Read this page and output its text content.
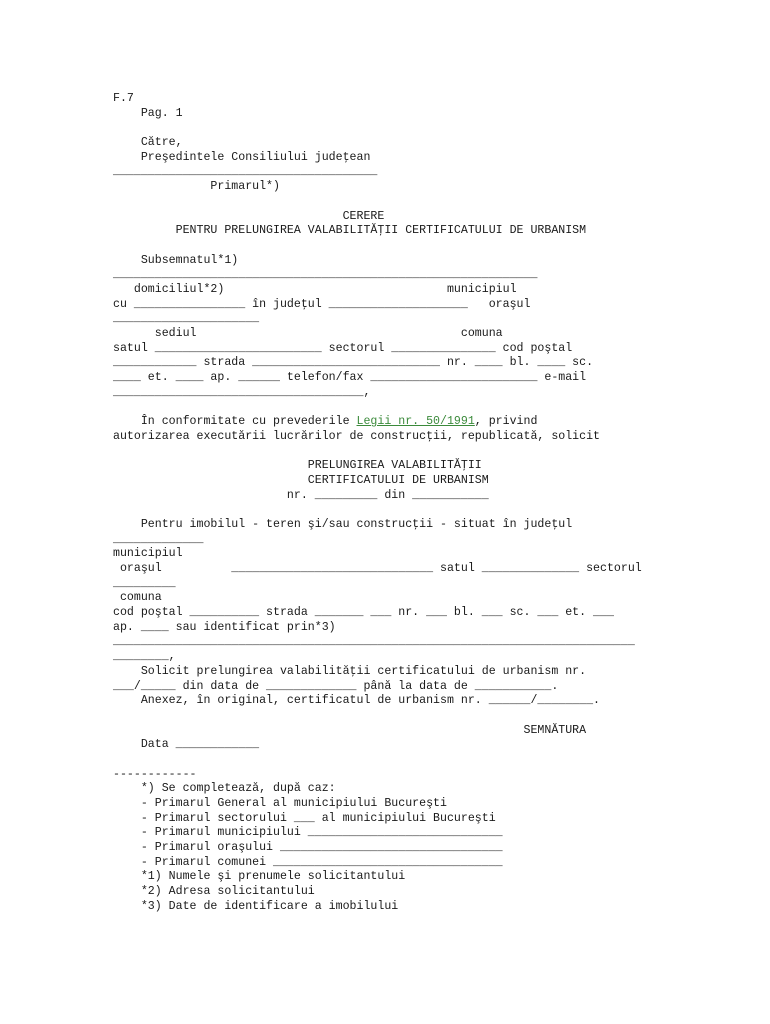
F.7
Pag. 1
Către,
Preşedintele Consiliului judeţean
______________________________________
Primarul*)
CERERE
PENTRU PRELUNGIREA VALABILITĂŢII CERTIFICATULUI DE URBANISM
Subsemnatul*1)
_____________________________________________________________
domiciliul*2)                                municipiul
cu ________________ în judeţul ____________________   oraşul
_____________________
sediul                                      comuna
satul ________________________ sectorul _______________ cod poştal
____________ strada ___________________________ nr. ____ bl. ____ sc.
____ et. ____ ap. ______ telefon/fax ________________________ e-mail
____________________________________,
În conformitate cu prevederile Legii nr. 50/1991, privind
autorizarea executării lucrărilor de construcţii, republicată, solicit
PRELUNGIREA VALABILITĂŢII
CERTIFICATULUI DE URBANISM
nr. _________ din ___________
Pentru imobilul - teren şi/sau construcţii - situat în judeţul
_____________
municipiul
oraşul          _____________________________ satul ______________ sectorul
_________
comuna
cod poştal __________ strada _______ ___ nr. ___ bl. ___ sc. ___ et. ___
ap. ____ sau identificat prin*3)
___________________________________________________________________________
________,
Solicit prelungirea valabilităţii certificatului de urbanism nr.
___/_____ din data de _____________ până la data de ___________.
Anexez, în original, certificatul de urbanism nr. ______/________.
SEMNĂTURA
Data ____________
------------
*) Se completează, după caz:
- Primarul General al municipiului Bucureşti
- Primarul sectorului ___ al municipiului Bucureşti
- Primarul municipiului ____________________________
- Primarul oraşului ________________________________
- Primarul comunei _________________________________
*1) Numele şi prenumele solicitantului
*2) Adresa solicitantului
*3) Date de identificare a imobilului
